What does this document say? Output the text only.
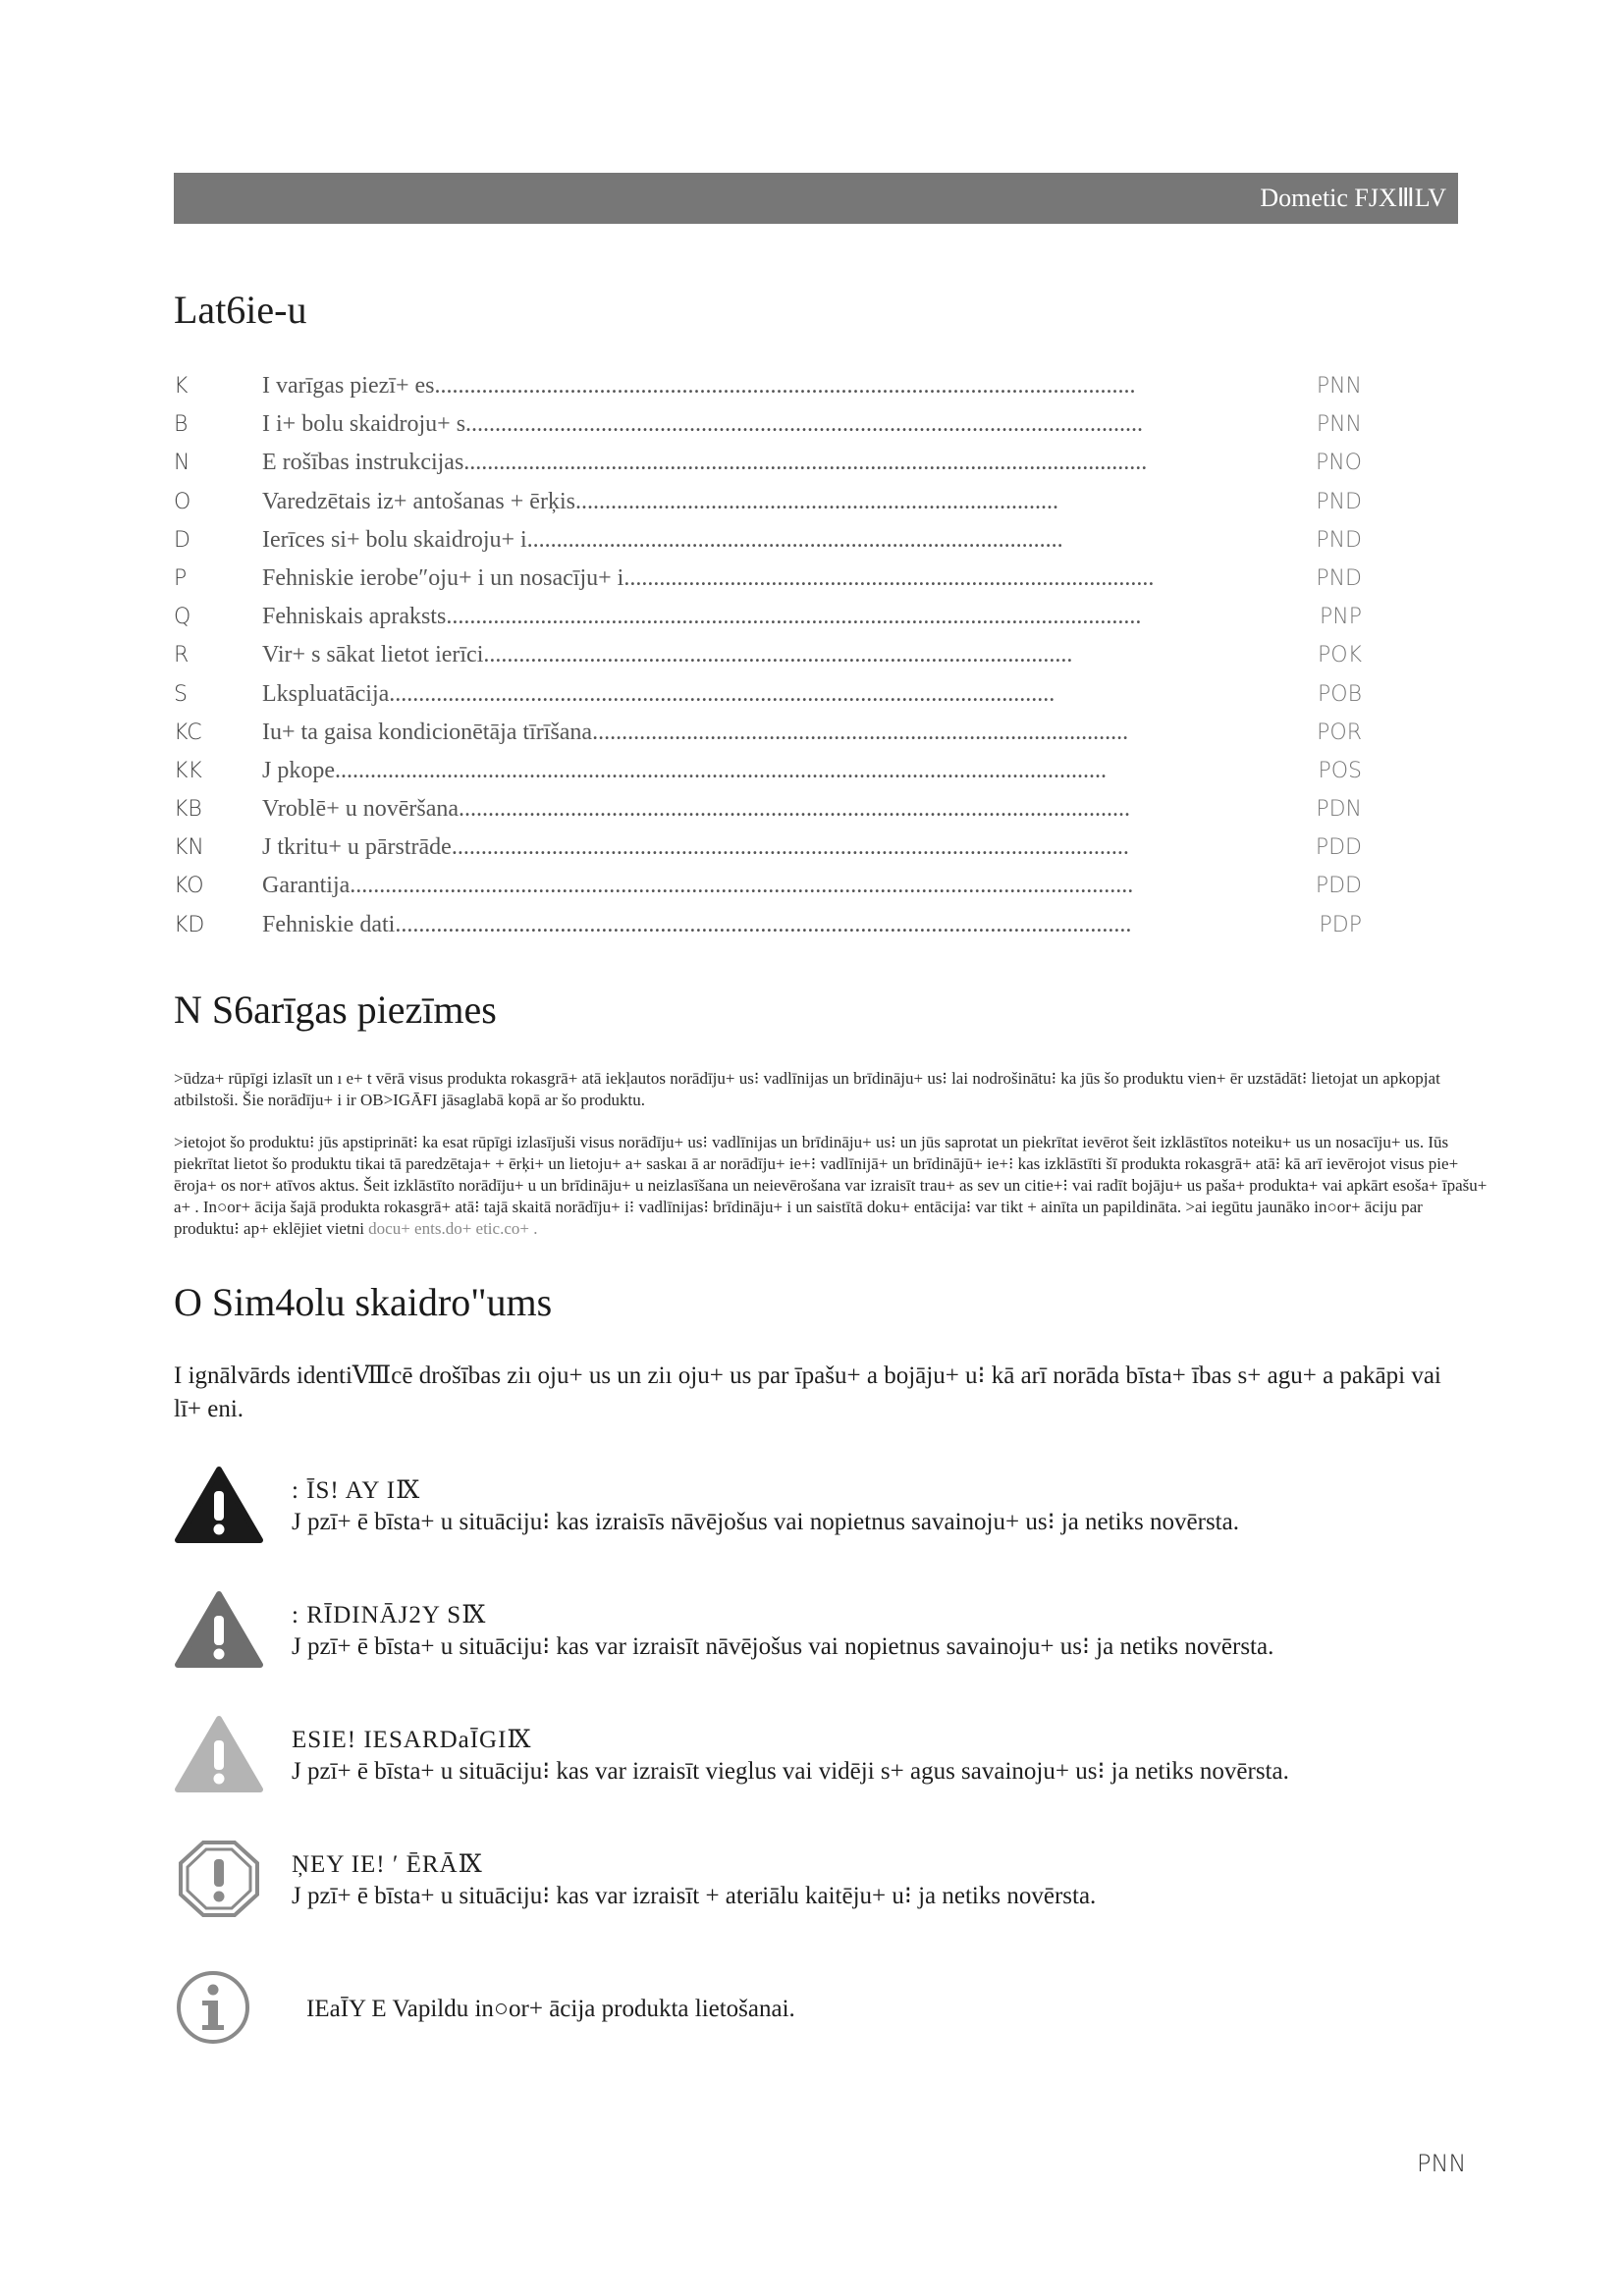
Dometic FJXⅢLV
Lat6ie-u
K	I varīgas piezī+ es.......................................................................................................................	PNN
B	I i+ bolu skaidroju+ s...................................................................................................................	PNN
N	E rošības instrukcijas....................................................................................................................	PNO
O	Varedzētais iz+ antošanas + ērķis..................................................................................	PND
D	Ierīces si+ bolu skaidroju+ i...........................................................................................	PND
P	Fehniskie ierobe″oju+ i un nosacīju+ i..........................................................................................	PND
Q	Fehniskais apraksts......................................................................................................................	PNP
R	Vir+ s sākat lietot ierīci....................................................................................................	POK
S	Lkspluatācija.................................................................................................................	POB
KC	Iu+ ta gaisa kondicionētāja tīrīšana...........................................................................................	POR
KK	J pkope...................................................................................................................................	POS
KB	Vroblē+ u novēršana..................................................................................................................	PDN
KN	J tkritu+ u pārstrāde...................................................................................................................	PDD
KO	Garantija.....................................................................................................................................	PDD
KD	Fehniskie dati.............................................................................................................................	PDP
N S6arīgas piezīmes

>ūdza+ rūpīgi izlasīt un ı e+ t vērā visus produkta rokasgrā+ atā iekļautos norādīju+ us⁝ vadlīnijas un brīdināju+ us⁝ lai nodrošinātu⁝ ka jūs šo produktu vien+ ēr uzstādāt⁝ lietojat un apkopjat atbilstoši. Šie norādīju+ i ir OB>IGĀFI jāsaglabā kopā ar šo produktu.

>ietojot šo produktu⁝ jūs apstiprināt⁝ ka esat rūpīgi izlasījuši visus norādīju+ us⁝ vadlīnijas un brīdināju+ us⁝ un jūs saprotat un piekrītat ievērot šeit izklāstītos noteiku+ us un nosacīju+ us. Iūs piekrītat lietot šo produktu tikai tā paredzētaja+ + ērķi+ un lietoju+ a+ saskaı ā ar norādīju+ ie+⁝ vadlīnijā+ un brīdinājū+ ie+⁝ kas izklāstīti šī produkta rokasgrā+ atā⁝ kā arī ievērojot visus pie+ ēroja+ os nor+ atīvos aktus. Šeit izklāstīto norādīju+ u un brīdināju+ u neizlasīšana un neievērošana var izraisīt trau+ as sev un citie+⁝ vai radīt bojāju+ us paša+ produkta+ vai apkārt esoša+ īpašu+ a+ . In○or+ ācija šajā produkta rokasgrā+ atā⁝ tajā skaitā norādīju+ i⁝ vadlīnijas⁝ brīdināju+ i un saistītā doku+ entācija⁝ var tikt + ainīta un papildināta. >ai iegūtu jaunāko in○or+ āciju par produktu⁝ ap+ eklējiet vietni docu+ ents.do+ etic.co+ .

O Sim4olu skaidro"ums

I ignālvārds identiⅧcē drošības ziı oju+ us un ziı oju+ us par īpašu+ a bojāju+ u⁝ kā arī norāda bīsta+ ības s+ agu+ a pakāpi vai lī+ eni.

: ĪS! AY IⅨ
J pzī+ ē bīsta+ u situāciju⁝ kas izraisīs nāvējošus vai nopietnus savainoju+ us⁝ ja netiks novērsta.
: RĪDINĀJ2Y SⅨ
J pzī+ ē bīsta+ u situāciju⁝ kas var izraisīt nāvējošus vai nopietnus savainoju+ us⁝ ja netiks novērsta.
ESIE! IESARDaĪGIⅨ
J pzī+ ē bīsta+ u situāciju⁝ kas var izraisīt vieglus vai vidēji s+ agus savainoju+ us⁝ ja netiks novērsta.
ŅEY IE! ′ ĒRĀⅨ
J pzī+ ē bīsta+ u situāciju⁝ kas var izraisīt + ateriālu kaitēju+ u⁝ ja netiks novērsta.
IEaĪY E Vapildu in○or+ ācija produkta lietošanai.
PNN
